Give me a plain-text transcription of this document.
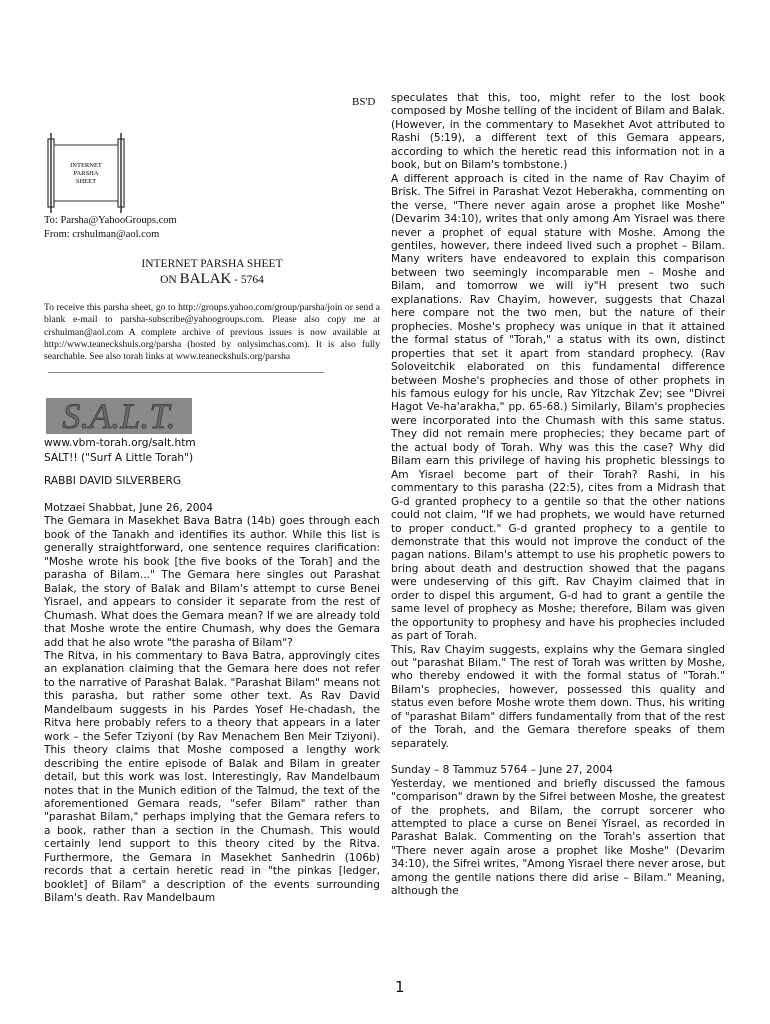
BS'D
INTERNET
PARSHA
SHEET
To: Parsha@YahooGroups.com
From: crshulman@aol.com
INTERNET PARSHA SHEET
ON BALAK - 5764
To receive this parsha sheet, go to http://groups.yahoo.com/group/parsha/join or send a blank e-mail to parsha-subscribe@yahoogroups.com. Please also copy me at crshulman@aol.com A complete archive of previous issues is now available at http://www.teaneckshuls.org/parsha (hosted by onlysimchas.com). It is also fully searchable. See also torah links at www.teaneckshuls.org/parsha
S.A.L.T.
www.vbm-torah.org/salt.htm
SALT!! ("Surf A Little Torah")
RABBI DAVID SILVERBERG

Motzaei Shabbat, June 26, 2004

The Gemara in Masekhet Bava Batra (14b) goes through each book of the Tanakh and identifies its author. While this list is generally straightforward, one sentence requires clarification: "Moshe wrote his book [the five books of the Torah] and the parasha of Bilam..." The Gemara here singles out Parashat Balak, the story of Balak and Bilam's attempt to curse Benei Yisrael, and appears to consider it separate from the rest of Chumash. What does the Gemara mean? If we are already told that Moshe wrote the entire Chumash, why does the Gemara add that he also wrote "the parasha of Bilam"?

The Ritva, in his commentary to Bava Batra, approvingly cites an explanation claiming that the Gemara here does not refer to the narrative of Parashat Balak. "Parashat Bilam" means not this parasha, but rather some other text. As Rav David Mandelbaum suggests in his Pardes Yosef He-chadash, the Ritva here probably refers to a theory that appears in a later work – the Sefer Tziyoni (by Rav Menachem Ben Meir Tziyoni). This theory claims that Moshe composed a lengthy work describing the entire episode of Balak and Bilam in greater detail, but this work was lost. Interestingly, Rav Mandelbaum notes that in the Munich edition of the Talmud, the text of the aforementioned Gemara reads, "sefer Bilam" rather than "parashat Bilam," perhaps implying that the Gemara refers to a book, rather than a section in the Chumash. This would certainly lend support to this theory cited by the Ritva. Furthermore, the Gemara in Masekhet Sanhedrin (106b) records that a certain heretic read in "the pinkas [ledger, booklet] of Bilam" a description of the events surrounding Bilam's death. Rav Mandelbaum

speculates that this, too, might refer to the lost book composed by Moshe telling of the incident of Bilam and Balak. (However, in the commentary to Masekhet Avot attributed to Rashi (5:19), a different text of this Gemara appears, according to which the heretic read this information not in a book, but on Bilam's tombstone.)

A different approach is cited in the name of Rav Chayim of Brisk. The Sifrei in Parashat Vezot Heberakha, commenting on the verse, "There never again arose a prophet like Moshe" (Devarim 34:10), writes that only among Am Yisrael was there never a prophet of equal stature with Moshe. Among the gentiles, however, there indeed lived such a prophet – Bilam. Many writers have endeavored to explain this comparison between two seemingly incomparable men – Moshe and Bilam, and tomorrow we will iy"H present two such explanations. Rav Chayim, however, suggests that Chazal here compare not the two men, but the nature of their prophecies. Moshe's prophecy was unique in that it attained the formal status of "Torah," a status with its own, distinct properties that set it apart from standard prophecy. (Rav Soloveitchik elaborated on this fundamental difference between Moshe's prophecies and those of other prophets in his famous eulogy for his uncle, Rav Yitzchak Zev; see "Divrei Hagot Ve-ha'arakha," pp. 65-68.) Similarly, Bilam's prophecies were incorporated into the Chumash with this same status. They did not remain mere prophecies; they became part of the actual body of Torah. Why was this the case? Why did Bilam earn this privilege of having his prophetic blessings to Am Yisrael become part of their Torah? Rashi, in his commentary to this parasha (22:5), cites from a Midrash that G-d granted prophecy to a gentile so that the other nations could not claim, "If we had prophets, we would have returned to proper conduct." G-d granted prophecy to a gentile to demonstrate that this would not improve the conduct of the pagan nations. Bilam's attempt to use his prophetic powers to bring about death and destruction showed that the pagans were undeserving of this gift. Rav Chayim claimed that in order to dispel this argument, G-d had to grant a gentile the same level of prophecy as Moshe; therefore, Bilam was given the opportunity to prophesy and have his prophecies included as part of Torah.

This, Rav Chayim suggests, explains why the Gemara singled out "parashat Bilam." The rest of Torah was written by Moshe, who thereby endowed it with the formal status of "Torah." Bilam's prophecies, however, possessed this quality and status even before Moshe wrote them down. Thus, his writing of "parashat Bilam" differs fundamentally from that of the rest of the Torah, and the Gemara therefore speaks of them separately.

Sunday – 8 Tammuz 5764 – June 27, 2004

Yesterday, we mentioned and briefly discussed the famous "comparison" drawn by the Sifrei between Moshe, the greatest of the prophets, and Bilam, the corrupt sorcerer who attempted to place a curse on Benei Yisrael, as recorded in Parashat Balak. Commenting on the Torah's assertion that "There never again arose a prophet like Moshe" (Devarim 34:10), the Sifrei writes, "Among Yisrael there never arose, but among the gentile nations there did arise – Bilam." Meaning, although the

1
